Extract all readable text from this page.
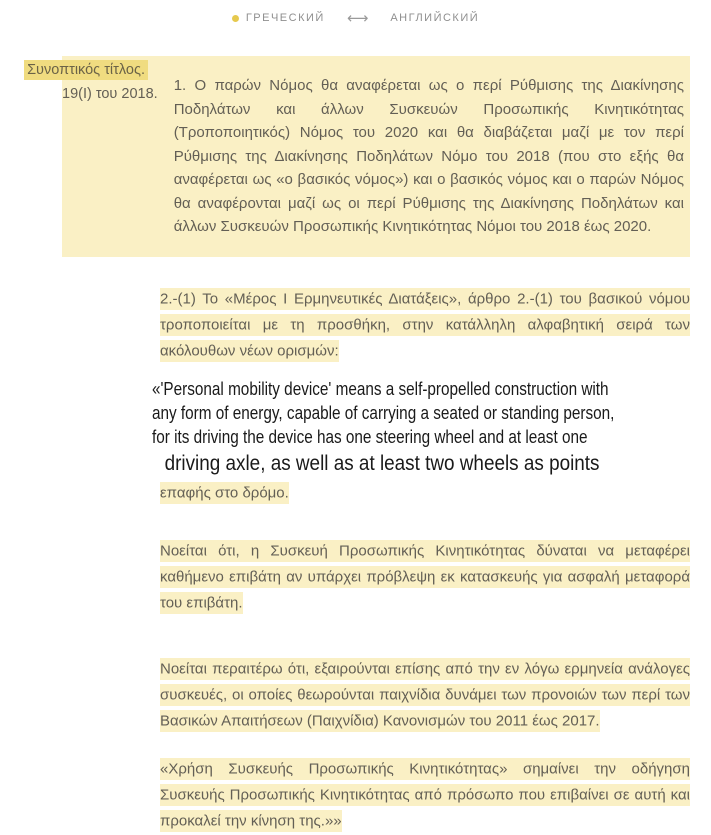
ГРЕЧЕСКИЙ ⟷ АНГЛИЙСКИЙ
Συνοπτικός τίτλος.
19(Ι) του 2018. 1. Ο παρών Νόμος θα αναφέρεται ως ο περί Ρύθμισης της Διακίνησης Ποδηλάτων και άλλων Συσκευών Προσωπικής Κινητικότητας (Τροποποιητικός) Νόμος του 2020 και θα διαβάζεται μαζί με τον περί Ρύθμισης της Διακίνησης Ποδηλάτων Νόμο του 2018 (που στο εξής θα αναφέρεται ως «ο βασικός νόμος») και ο βασικός νόμος και ο παρών Νόμος θα αναφέρονται μαζί ως οι περί Ρύθμισης της Διακίνησης Ποδηλάτων και άλλων Συσκευών Προσωπικής Κινητικότητας Νόμοι του 2018 έως 2020.

2.-(1) Το «Μέρος Ι Ερμηνευτικές Διατάξεις», άρθρο 2.-(1) του βασικού νόμου τροποποιείται με τη προσθήκη, στην κατάλληλη αλφαβητική σειρά των ακόλουθων νέων ορισμών:

«'Personal mobility device' means a self-propelled construction with
any form of energy, capable of carrying a seated or standing person,
for its driving the device has one steering wheel and at least one
driving axle, as well as at least two wheels as points

επαφής στο δρόμο.

Νοείται ότι, η Συσκευή Προσωπικής Κινητικότητας δύναται να μεταφέρει καθήμενο επιβάτη αν υπάρχει πρόβλεψη εκ κατασκευής για ασφαλή μεταφορά του επιβάτη.

Νοείται περαιτέρω ότι, εξαιρούνται επίσης από την εν λόγω ερμηνεία ανάλογες συσκευές, οι οποίες θεωρούνται παιχνίδια δυνάμει των προνοιών των περί των Βασικών Απαιτήσεων (Παιχνίδια) Κανονισμών του 2011 έως 2017.

«Χρήση Συσκευής Προσωπικής Κινητικότητας» σημαίνει την οδήγηση Συσκευής Προσωπικής Κινητικότητας από πρόσωπο που επιβαίνει σε αυτή και προκαλεί την κίνηση της.»»
